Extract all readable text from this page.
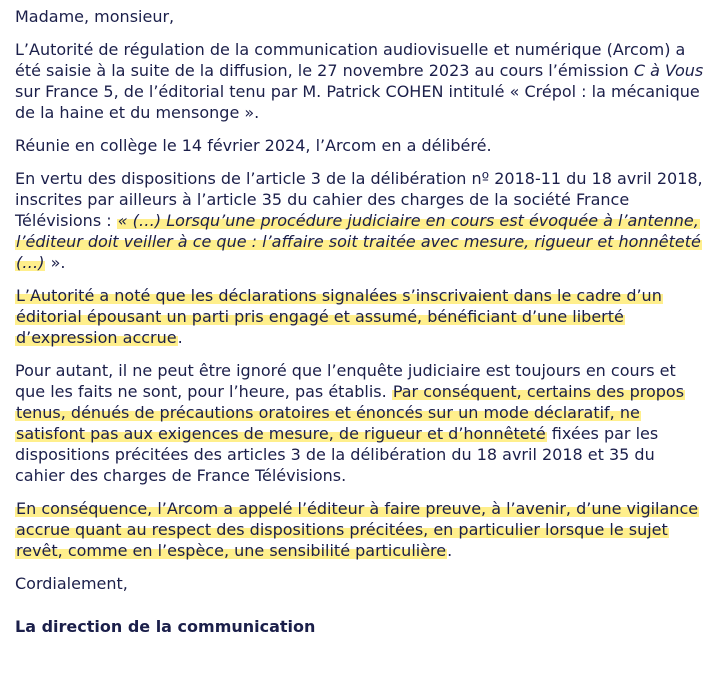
Madame, monsieur,

L’Autorité de régulation de la communication audiovisuelle et numérique (Arcom) a été saisie à la suite de la diffusion, le 27 novembre 2023 au cours l’émission C à Vous sur France 5, de l’éditorial tenu par M. Patrick COHEN intitulé « Crépol : la mécanique de la haine et du mensonge ».

Réunie en collège le 14 février 2024, l’Arcom en a délibéré.

En vertu des dispositions de l’article 3 de la délibération nº 2018-11 du 18 avril 2018, inscrites par ailleurs à l’article 35 du cahier des charges de la société France Télévisions : « (…) Lorsqu’une procédure judiciaire en cours est évoquée à l’antenne, l’éditeur doit veiller à ce que : l’affaire soit traitée avec mesure, rigueur et honnêteté (…) ».

L’Autorité a noté que les déclarations signalées s’inscrivaient dans le cadre d’un éditorial épousant un parti pris engagé et assumé, bénéficiant d’une liberté d’expression accrue.

Pour autant, il ne peut être ignoré que l’enquête judiciaire est toujours en cours et que les faits ne sont, pour l’heure, pas établis. Par conséquent, certains des propos tenus, dénués de précautions oratoires et énoncés sur un mode déclaratif, ne satisfont pas aux exigences de mesure, de rigueur et d’honnêteté fixées par les dispositions précitées des articles 3 de la délibération du 18 avril 2018 et 35 du cahier des charges de France Télévisions.

En conséquence, l’Arcom a appelé l’éditeur à faire preuve, à l’avenir, d’une vigilance accrue quant au respect des dispositions précitées, en particulier lorsque le sujet revêt, comme en l’espèce, une sensibilité particulière.

Cordialement,

La direction de la communication
